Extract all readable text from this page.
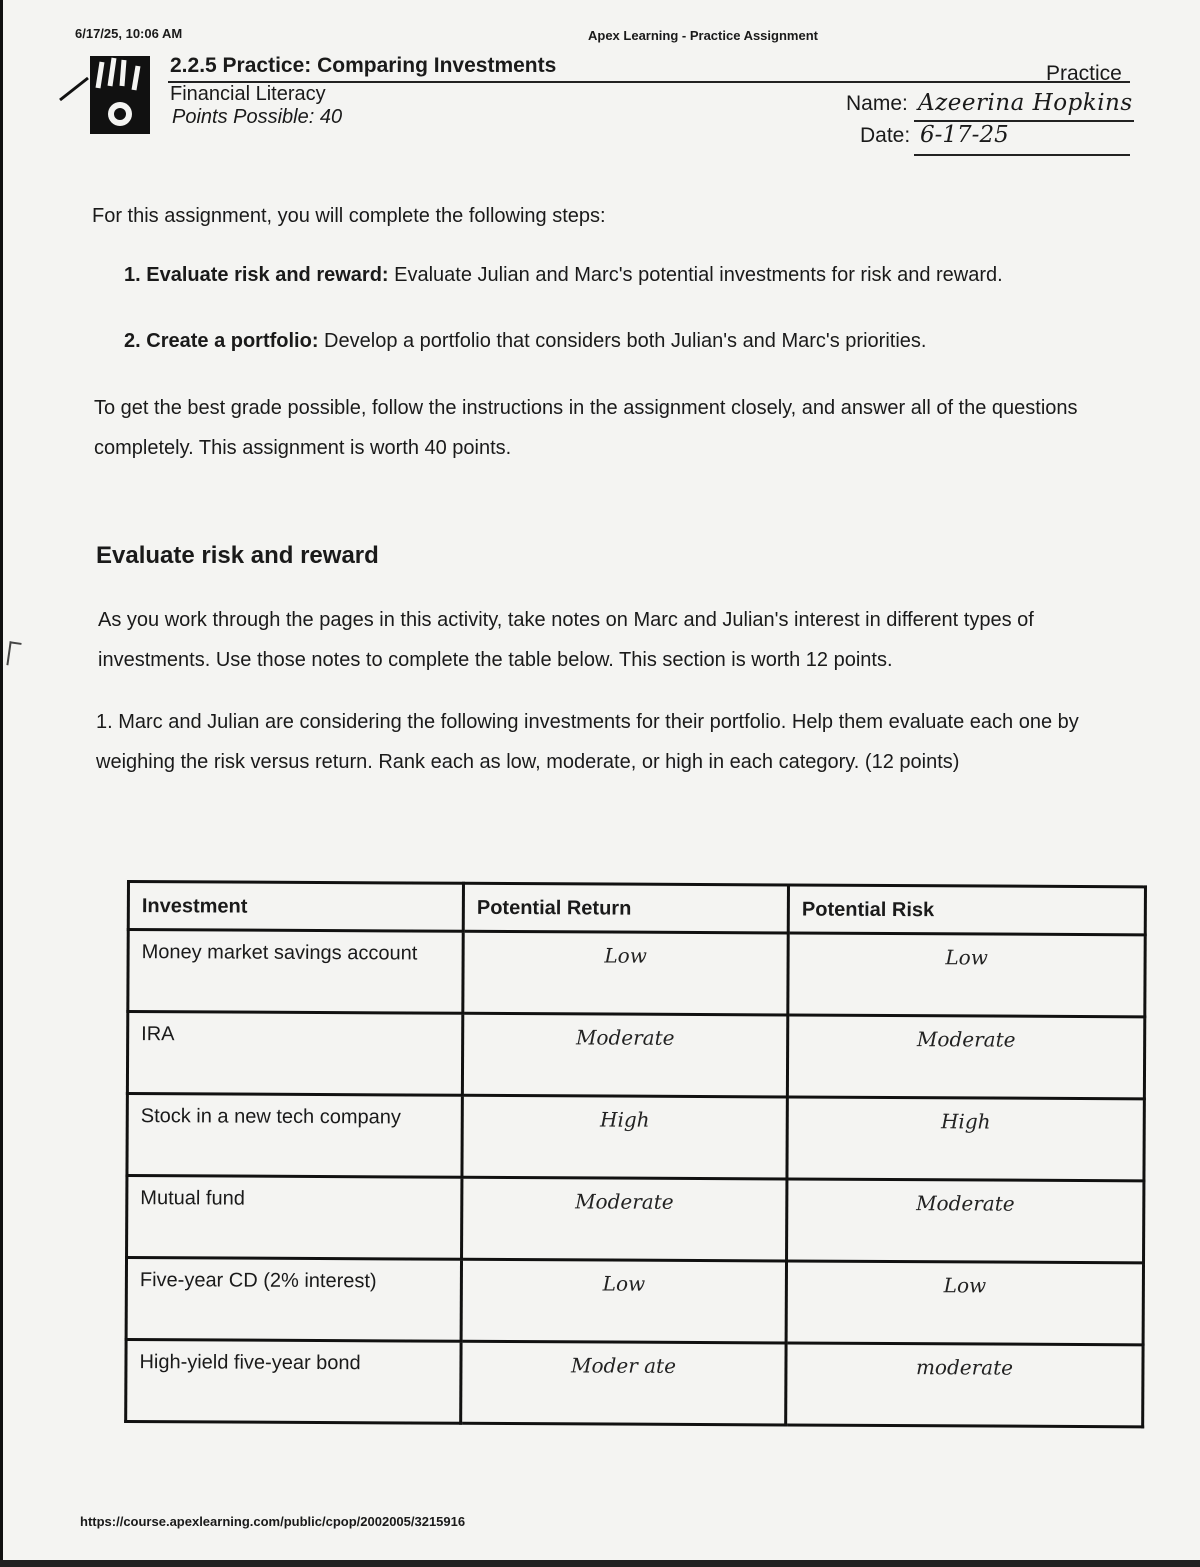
6/17/25, 10:06 AM	Apex Learning - Practice Assignment
2.2.5 Practice: Comparing Investments
Financial Literacy
Points Possible: 40
Practice
Name: Azeerina Hopkins
Date: 6-17-25
For this assignment, you will complete the following steps:
1. Evaluate risk and reward: Evaluate Julian and Marc's potential investments for risk and reward.
2. Create a portfolio: Develop a portfolio that considers both Julian's and Marc's priorities.
To get the best grade possible, follow the instructions in the assignment closely, and answer all of the questions completely. This assignment is worth 40 points.
Evaluate risk and reward
As you work through the pages in this activity, take notes on Marc and Julian's interest in different types of investments. Use those notes to complete the table below. This section is worth 12 points.
1. Marc and Julian are considering the following investments for their portfolio. Help them evaluate each one by weighing the risk versus return. Rank each as low, moderate, or high in each category. (12 points)
Investment	Potential Return	Potential Risk
Money market savings account	Low	Low
IRA	Moderate	Moderate
Stock in a new tech company	High	High
Mutual fund	Moderate	Moderate
Five-year CD (2% interest)	Low	Low
High-yield five-year bond	Moder ate	moderate
https://course.apexlearning.com/public/cpop/2002005/3215916
